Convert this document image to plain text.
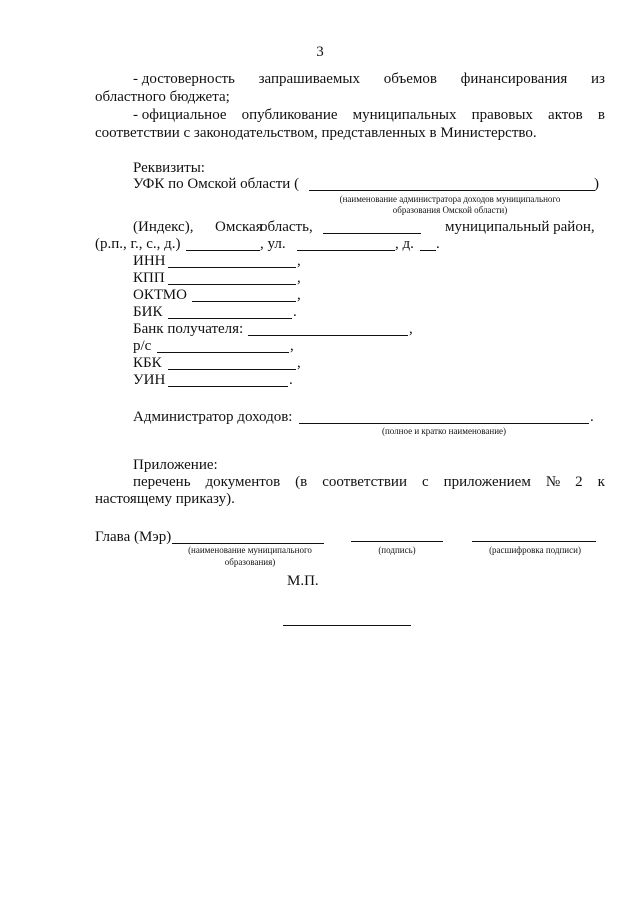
3
- достоверность запрашиваемых объемов финансирования из
областного бюджета;
- официальное опубликование муниципальных правовых актов в
соответствии с законодательством, представленных в Министерство.
Реквизиты:
УФК по Омской области (	)
(наименование администратора доходов муниципального
образования Омской области)
(Индекс), Омская
область,	муниципальный район,
(р.п., г., с., д.)	, ул.	, д. .
ИНН	,
КПП	,
ОКТМО	,
БИК	.
Банк получателя:	,
р/с	,
КБК	,
УИН	.
Администратор доходов:	.
(полное и кратко наименование)
Приложение:
перечень документов (в соответствии с приложением № 2 к
настоящему приказу).
Глава (Мэр)
(наименование муниципального
образования)
(подпись)	(расшифровка подписи)
М.П.
